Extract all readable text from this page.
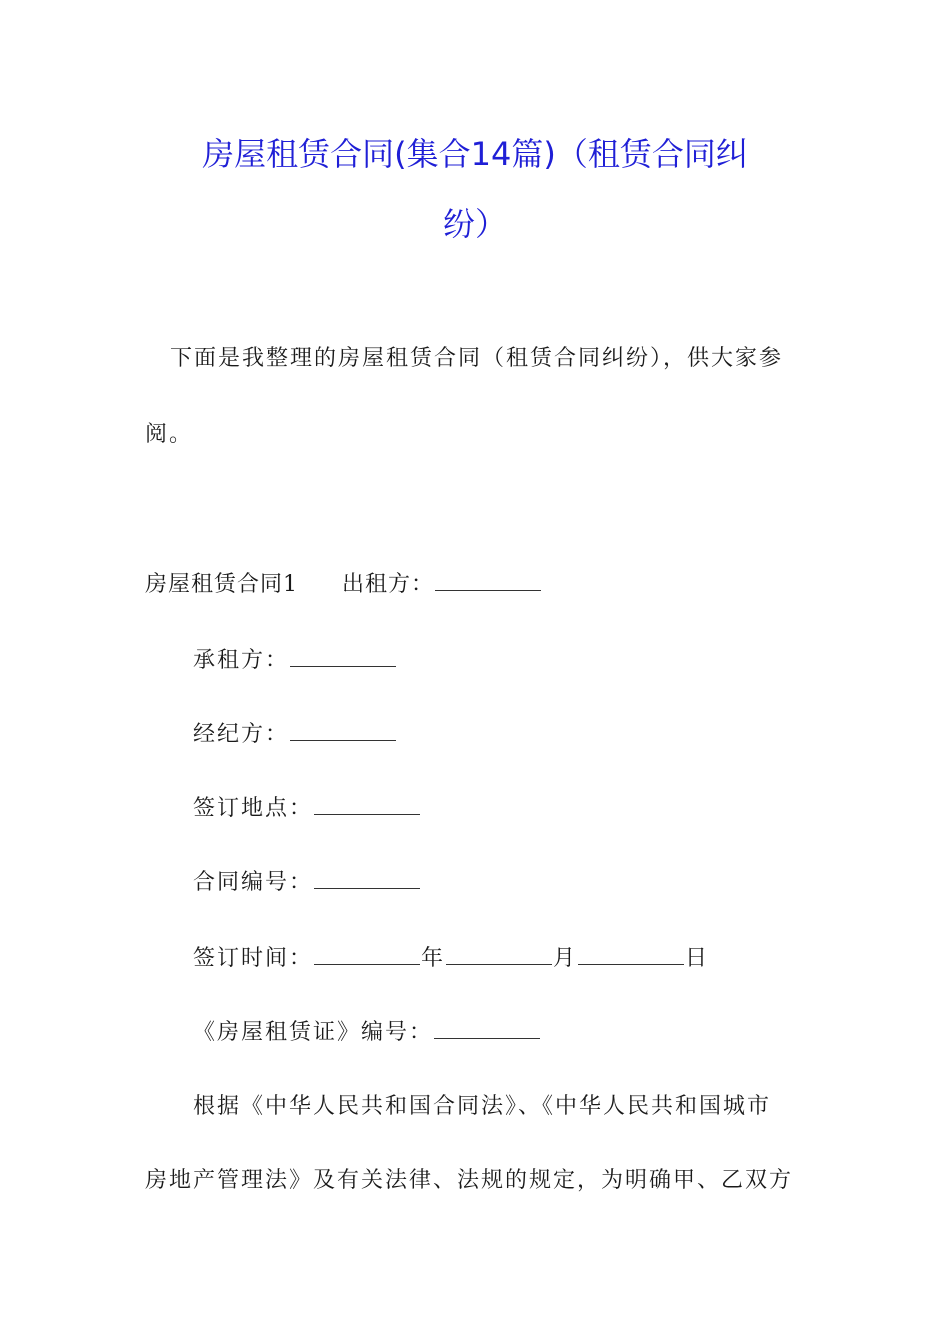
房屋租赁合同(集合14篇)（租赁合同纠
纷）
下面是我整理的房屋租赁合同（租赁合同纠纷），供大家参
阅。
房屋租赁合同1 出租方：
承租方：
经纪方：
签订地点：
合同编号：
签订时间：	年	月	日
《房屋租赁证》编号：
根据《中华人民共和国合同法》、《中华人民共和国城市
房地产管理法》及有关法律、法规的规定，为明确甲、乙双方
